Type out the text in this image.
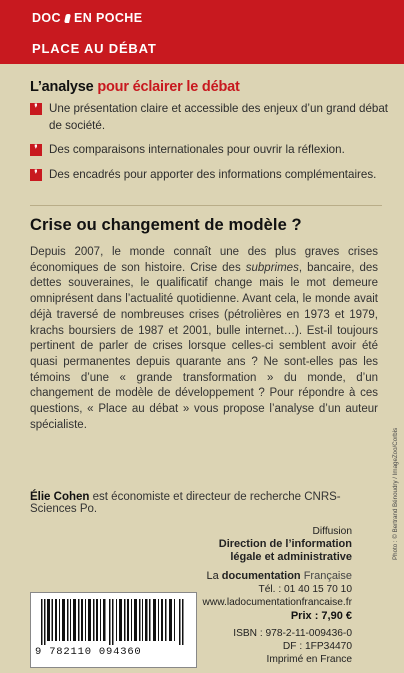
DOC EN POCHE
PLACE AU DÉBAT
L’analyse pour éclairer le débat
❜ Une présentation claire et accessible des enjeux d’un grand débat de société.
❜ Des comparaisons internationales pour ouvrir la réflexion.
❜ Des encadrés pour apporter des informations complémentaires.
Crise ou changement de modèle ?

Depuis 2007, le monde connaît une des plus graves crises économiques de son histoire. Crise des subprimes, bancaire, des dettes souveraines, le qualificatif change mais le mot demeure omniprésent dans l’actualité quotidienne. Avant cela, le monde avait déjà traversé de nombreuses crises (pétrolières en 1973 et 1979, krachs boursiers de 1987 et 2001, bulle internet…). Est-il toujours pertinent de parler de crises lorsque celles-ci semblent avoir été quasi permanentes depuis quarante ans ? Ne sont-elles pas les témoins d’une « grande transformation » du monde, d’un changement de modèle de développement ? Pour répondre à ces questions, « Place au débat » vous propose l’analyse d’un auteur spécialiste.

Élie Cohen est économiste et directeur de recherche CNRS-Sciences Po.

Diffusion
Direction de l’information
légale et administrative
La documentation Française
Tél. : 01 40 15 70 10
www.ladocumentationfrancaise.fr
Prix : 7,90 €
ISBN : 978-2-11-009436-0
DF : 1FP34470
Imprimé en France
9 782110 094360
Photo : © Bertrand Bénoudry / ImageZoo/Corbis
